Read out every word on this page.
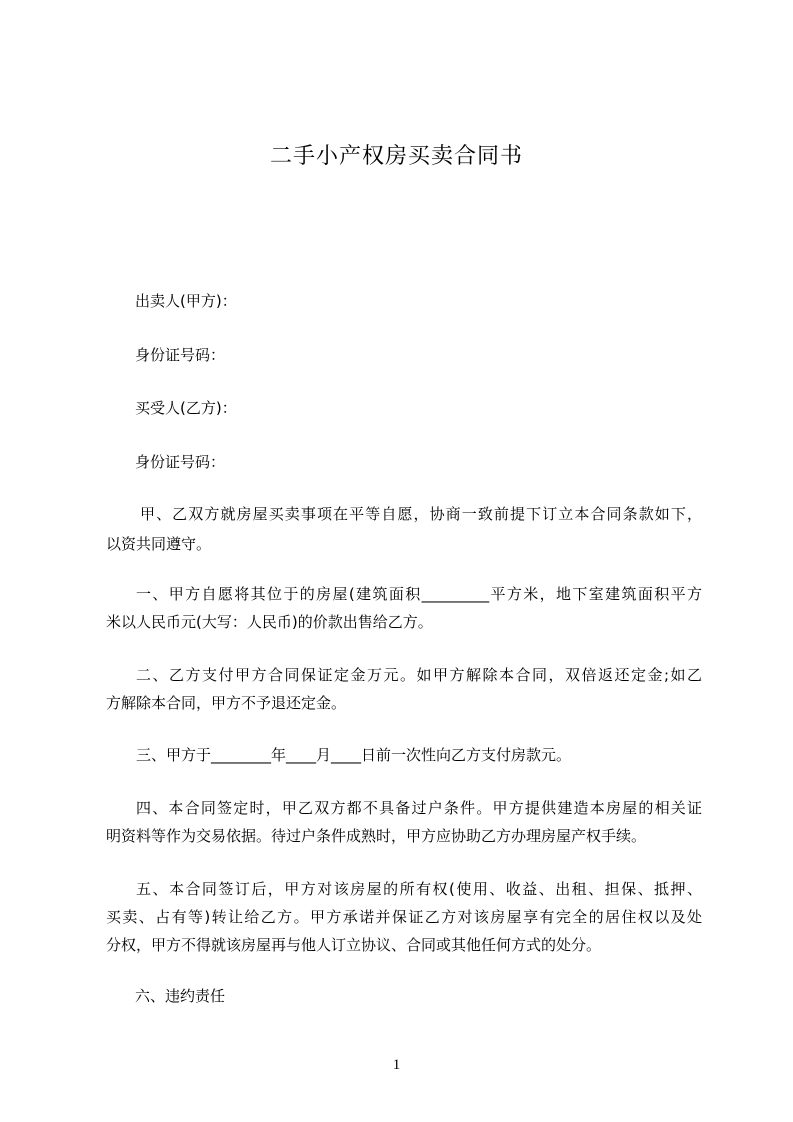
二手小产权房买卖合同书
出卖人(甲方)：
身份证号码：
买受人(乙方)：
身份证号码：
甲、乙双方就房屋买卖事项在平等自愿，协商一致前提下订立本合同条款如下，
以资共同遵守。
一、甲方自愿将其位于的房屋(建筑面积_________平方米，地下室建筑面积平方
米以人民币元(大写：人民币)的价款出售给乙方。
二、乙方支付甲方合同保证定金万元。如甲方解除本合同，双倍返还定金;如乙
方解除本合同，甲方不予退还定金。
三、甲方于________年____月____日前一次性向乙方支付房款元。
四、本合同签定时，甲乙双方都不具备过户条件。甲方提供建造本房屋的相关证
明资料等作为交易依据。待过户条件成熟时，甲方应协助乙方办理房屋产权手续。
五、本合同签订后，甲方对该房屋的所有权(使用、收益、出租、担保、抵押、
买卖、占有等)转让给乙方。甲方承诺并保证乙方对该房屋享有完全的居住权以及处
分权，甲方不得就该房屋再与他人订立协议、合同或其他任何方式的处分。
六、违约责任
1
